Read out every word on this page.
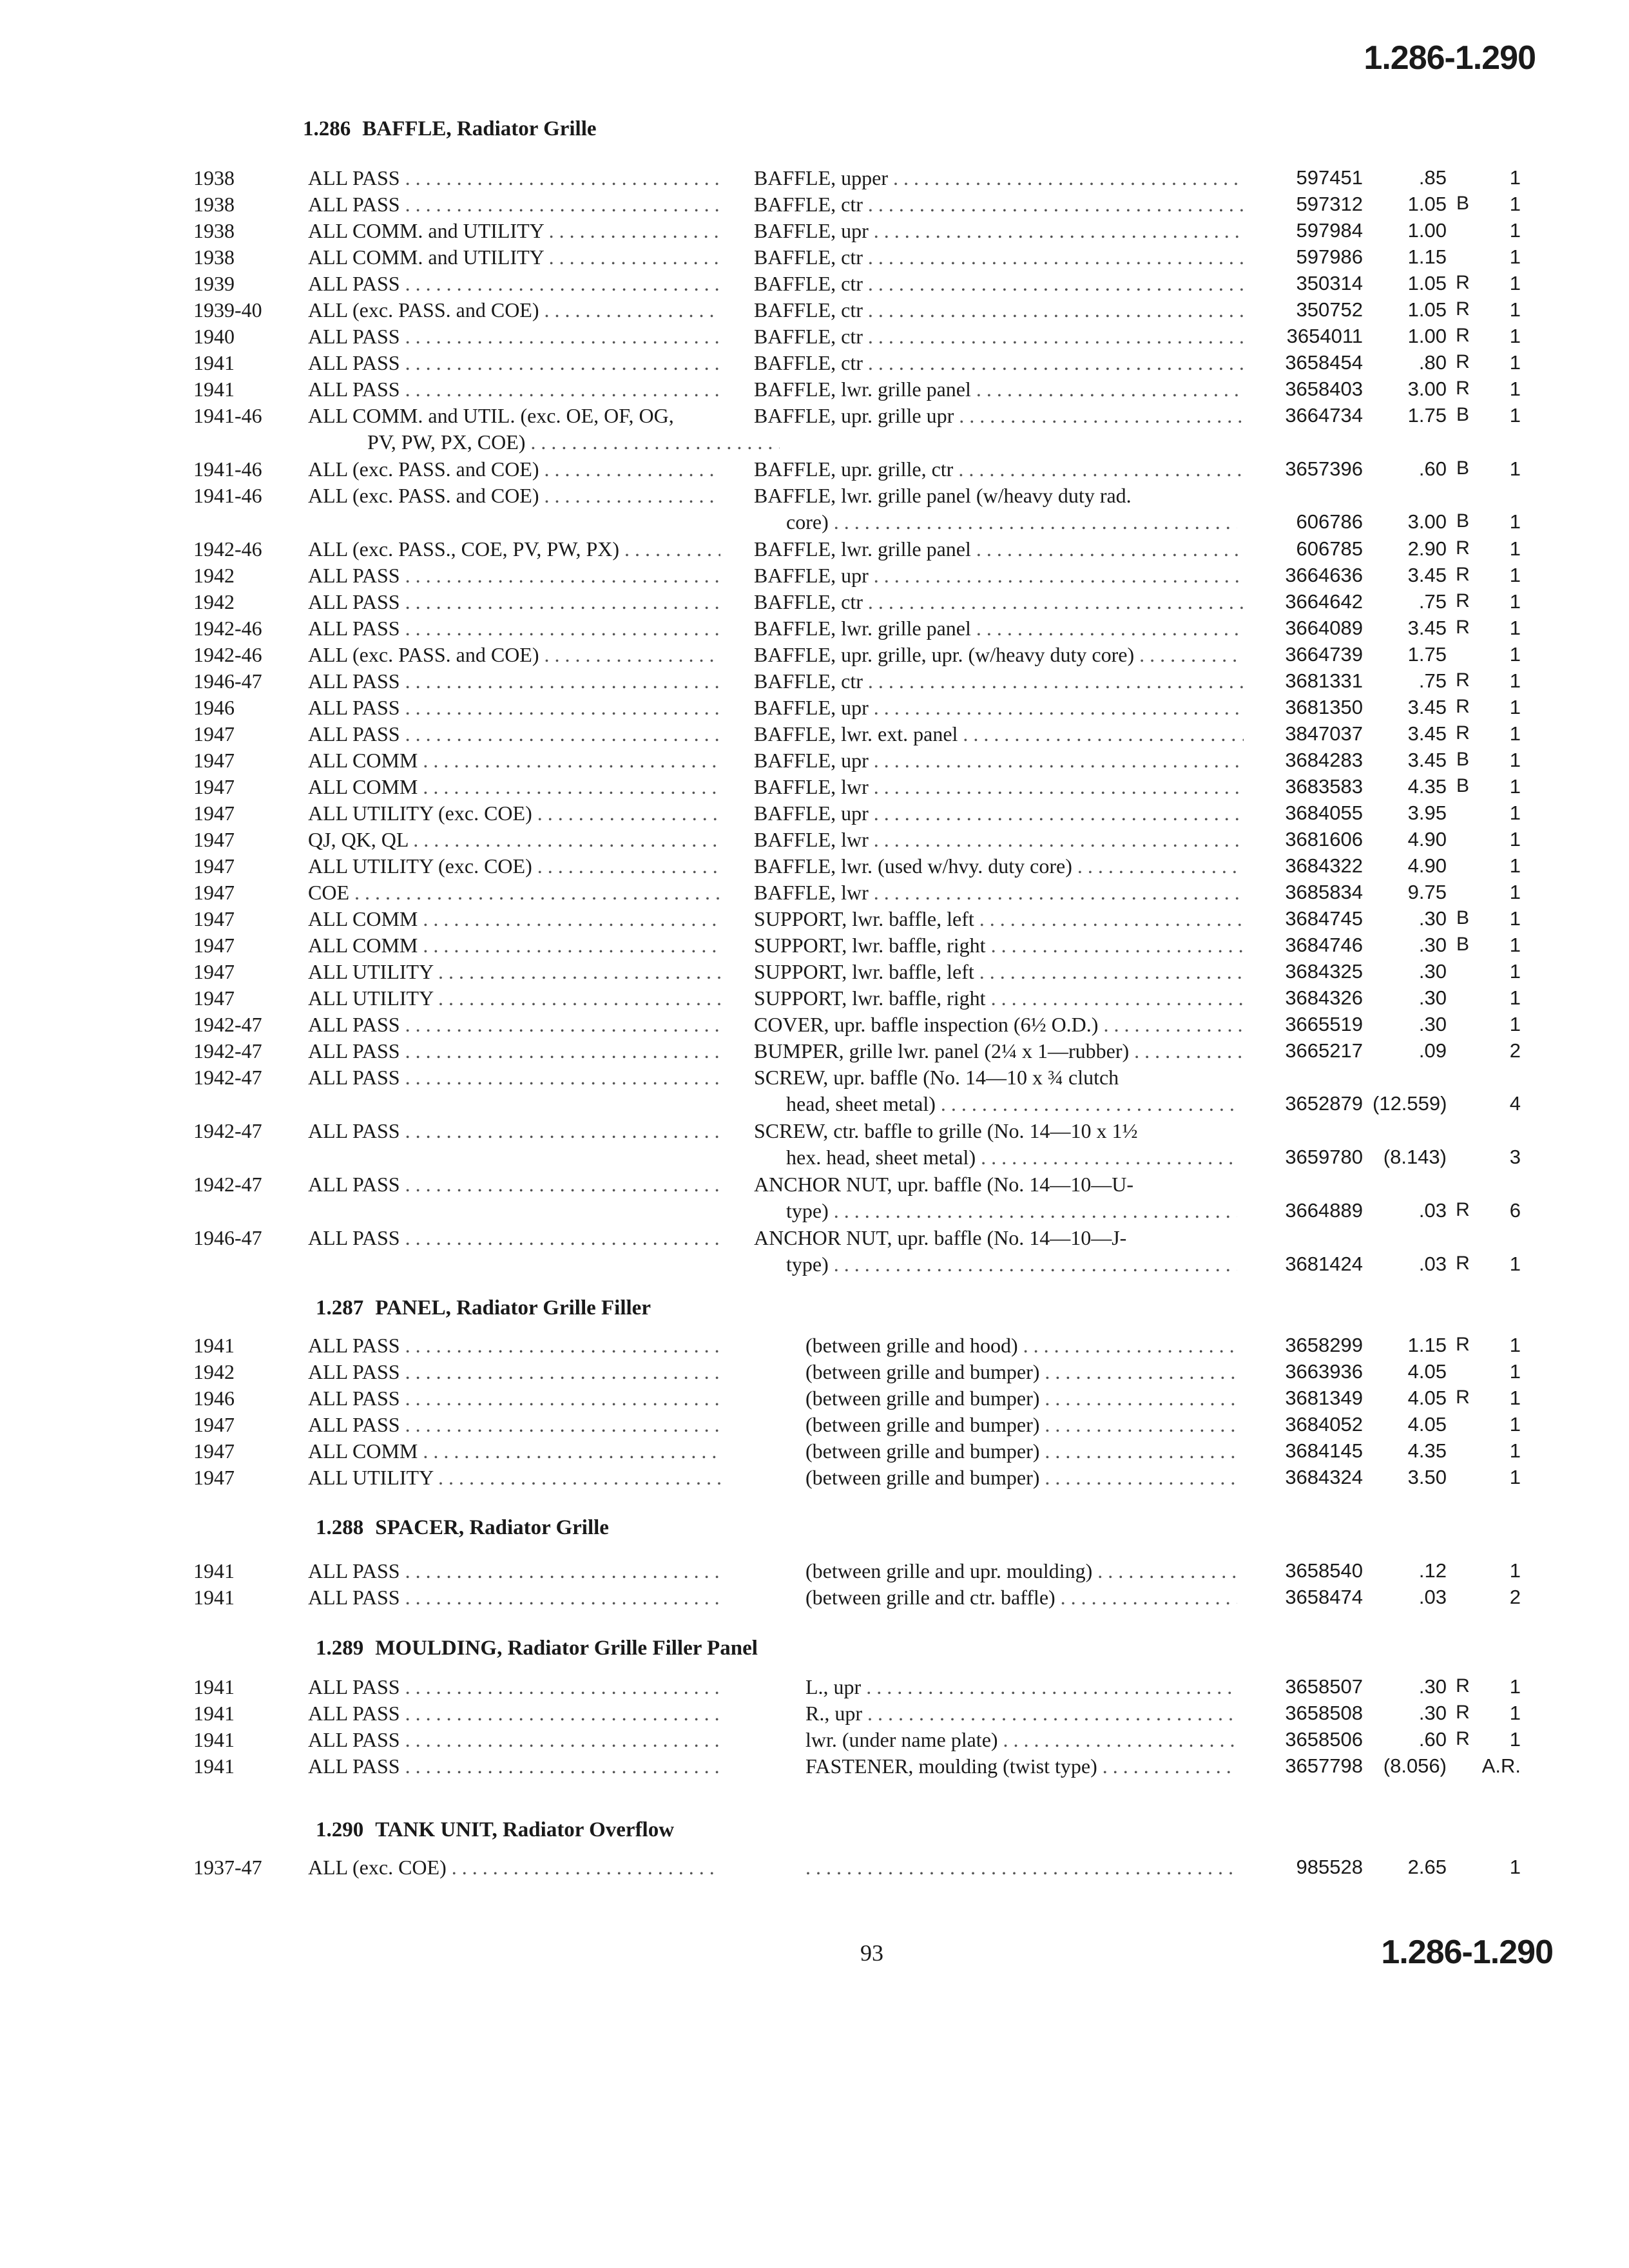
1.286-1.290
1.286 BAFFLE, Radiator Grille
1938	ALL PASS . . .	BAFFLE, upper . . .	597451	.85	1
1938	ALL PASS . . .	BAFFLE, ctr . . .	597312	1.05 B	1
1938	ALL COMM. and UTILITY . . .	BAFFLE, upr . . .	597984	1.00	1
1938	ALL COMM. and UTILITY . . .	BAFFLE, ctr . . .	597986	1.15	1
1939	ALL PASS . . .	BAFFLE, ctr . . .	350314	1.05 R	1
1939-40 ALL (exc. PASS. and COE) . . .	BAFFLE, ctr . . .	350752	1.05 R	1
1940	ALL PASS . . .	BAFFLE, ctr . . .	3654011	1.00 R	1
1941	ALL PASS . . .	BAFFLE, ctr . . .	3658454	.80 R	1
1941	ALL PASS . . .	BAFFLE, lwr. grille panel . . .	3658403	3.00 R	1
1941-46 ALL COMM. and UTIL. (exc. OE, OF, OG,	BAFFLE, upr. grille upr . . .	3664734	1.75 B	1
PV, PW, PX, COE) . . .
1941-46 ALL (exc. PASS. and COE) . . .	BAFFLE, upr. grille, ctr . . .	3657396	.60 B	1
1941-46 ALL (exc. PASS. and COE) . . .	BAFFLE, lwr. grille panel (w/heavy duty rad.
core) . . .	606786	3.00 B	1
1942-46 ALL (exc. PASS., COE, PV, PW, PX) . . .	BAFFLE, lwr. grille panel . . .	606785	2.90 R	1
1942	ALL PASS . . .	BAFFLE, upr . . .	3664636	3.45 R	1
1942	ALL PASS . . .	BAFFLE, ctr . . .	3664642	.75 R	1
1942-46 ALL PASS . . .	BAFFLE, lwr. grille panel . . .	3664089	3.45 R	1
1942-46 ALL (exc. PASS. and COE) . . .	BAFFLE, upr. grille, upr. (w/heavy duty core) . . .	3664739	1.75	1
1946-47 ALL PASS . . .	BAFFLE, ctr . . .	3681331	.75 R	1
1946	ALL PASS . . .	BAFFLE, upr . . .	3681350	3.45 R	1
1947	ALL PASS . . .	BAFFLE, lwr. ext. panel . . .	3847037	3.45 R	1
1947	ALL COMM . . .	BAFFLE, upr . . .	3684283	3.45 B	1
1947	ALL COMM . . .	BAFFLE, lwr . . .	3683583	4.35 B	1
1947	ALL UTILITY (exc. COE) . . .	BAFFLE, upr . . .	3684055	3.95	1
1947	QJ, QK, QL . . .	BAFFLE, lwr . . .	3681606	4.90	1
1947	ALL UTILITY (exc. COE) . . .	BAFFLE, lwr. (used w/hvy. duty core) . . .	3684322	4.90	1
1947	COE . . .	BAFFLE, lwr . . .	3685834	9.75	1
1947	ALL COMM . . .	SUPPORT, lwr. baffle, left . . .	3684745	.30 B	1
1947	ALL COMM . . .	SUPPORT, lwr. baffle, right . . .	3684746	.30 B	1
1947	ALL UTILITY . . .	SUPPORT, lwr. baffle, left . . .	3684325	.30	1
1947	ALL UTILITY . . .	SUPPORT, lwr. baffle, right . . .	3684326	.30	1
1942-47 ALL PASS . . .	COVER, upr. baffle inspection (6½ O.D.) . . .	3665519	.30	1
1942-47 ALL PASS . . .	BUMPER, grille lwr. panel (2¼ x 1—rubber) . . .	3665217	.09	2
1942-47 ALL PASS . . .	SCREW, upr. baffle (No. 14—10 x ¾ clutch
head, sheet metal) . . .	3652879 (12.559)	4
1942-47 ALL PASS . . .	SCREW, ctr. baffle to grille (No. 14—10 x 1½
hex. head, sheet metal) . . .	3659780	(8.143)	3
1942-47 ALL PASS . . .	ANCHOR NUT, upr. baffle (No. 14—10—U-
type) . . .	3664889	.03 R	6
1946-47 ALL PASS . . .	ANCHOR NUT, upr. baffle (No. 14—10—J-
type) . . .	3681424	.03 R	1
1.287 PANEL, Radiator Grille Filler
1941	ALL PASS . . .	(between grille and hood) . . .	3658299	1.15 R	1
1942	ALL PASS . . .	(between grille and bumper) . . .	3663936	4.05	1
1946	ALL PASS . . .	(between grille and bumper) . . .	3681349	4.05 R	1
1947	ALL PASS . . .	(between grille and bumper) . . .	3684052	4.05	1
1947	ALL COMM . . .	(between grille and bumper) . . .	3684145	4.35	1
1947	ALL UTILITY . . .	(between grille and bumper) . . .	3684324	3.50	1
1.288 SPACER, Radiator Grille
1941	ALL PASS . . .	(between grille and upr. moulding) . . .	3658540	.12	1
1941	ALL PASS . . .	(between grille and ctr. baffle) . . .	3658474	.03	2
1.289 MOULDING, Radiator Grille Filler Panel
1941	ALL PASS . . .	L., upr . . .	3658507	.30 R	1
1941	ALL PASS . . .	R., upr . . .	3658508	.30 R	1
1941	ALL PASS . . .	lwr. (under name plate) . . .	3658506	.60 R	1
1941	ALL PASS . . .	FASTENER, moulding (twist type) . . .	3657798	(8.056)	A.R.
1.290 TANK UNIT, Radiator Overflow
1937-47 ALL (exc. COE) . . .
. . .	985528	2.65	1
93	1.286-1.290
